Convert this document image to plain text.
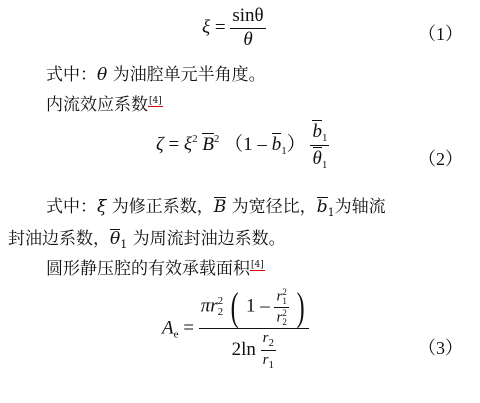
$\xi = \frac{\sin\theta}{\theta}$	（1）
式中：θ 为油腔单元半角度。
内流效应系数[4]
$\zeta = \xi^2$ $B^2$ $(1 - b_1) \frac{b_1}{\theta_1}$	（2）
式中：ξ 为修正系数，B 为宽径比，$b_1$为轴流
封油边系数，$\theta_1$ 为周流封油边系数。
圆形静压腔的有效承载面积[4]
$A_e$ =
πr 2
2 ( 1 – r 2
1
r 2
2 )
$2\ln \frac{r_2}{r_1}$	（3）
